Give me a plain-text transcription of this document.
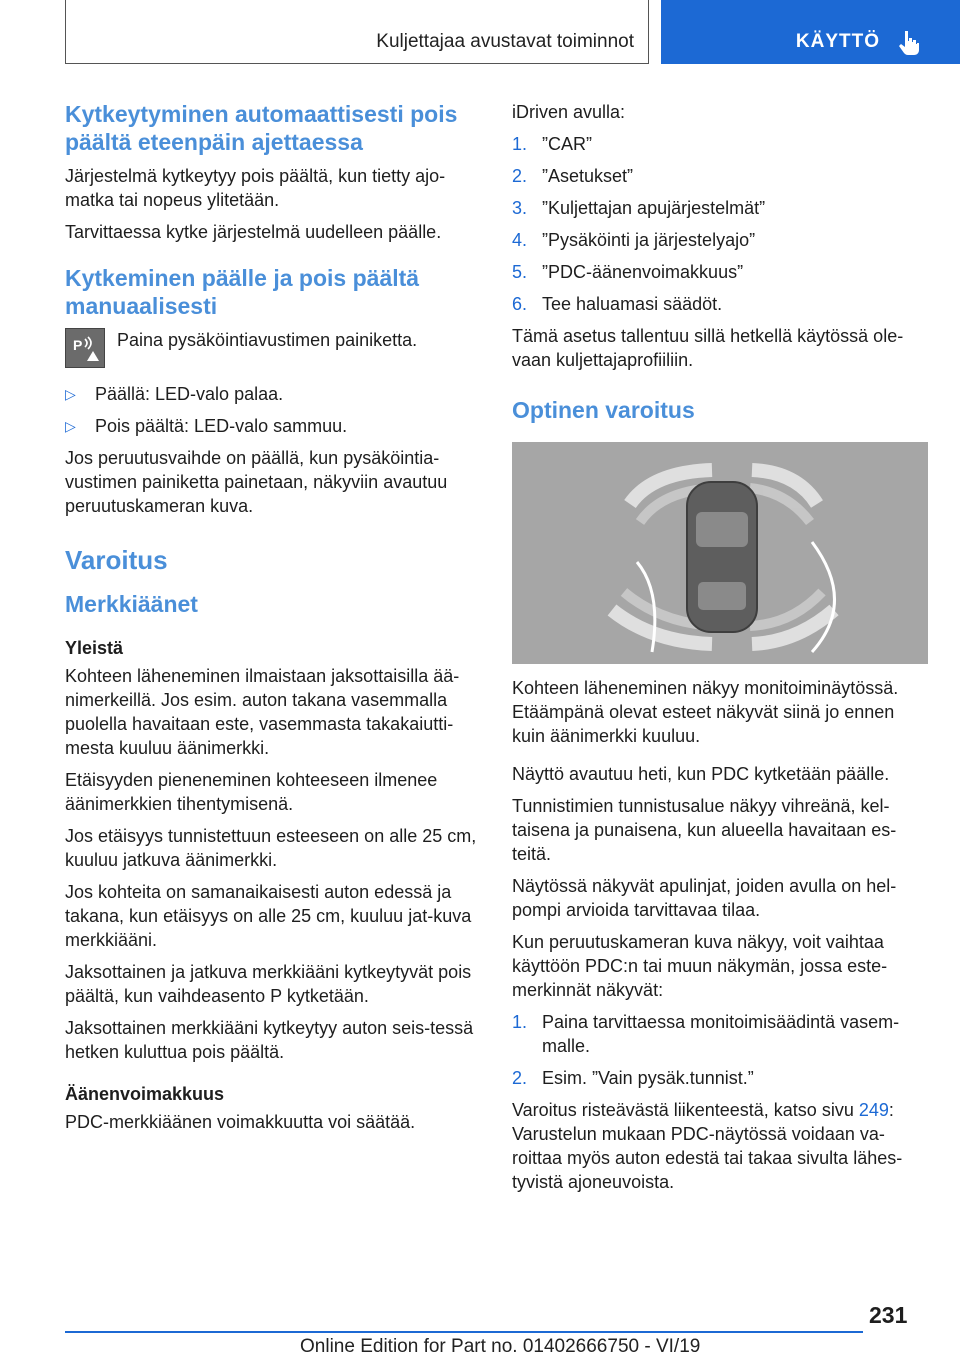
Kuljettajaa avustavat toiminnot	KÄYTTÖ
Kytkeytyminen automaattisesti pois päältä eteenpäin ajettaessa

Järjestelmä kytkeytyy pois päältä, kun tietty ajo-matka tai nopeus ylitetään.

Tarvittaessa kytke järjestelmä uudelleen päälle.

Kytkeminen päälle ja pois päältä manuaalisesti
P Paina pysäköintiavustimen painiketta.
▷	Päällä: LED-valo palaa.
▷	Pois päältä: LED-valo sammuu.

Jos peruutusvaihde on päällä, kun pysäköintia-vustimen painiketta painetaan, näkyviin avautuu peruutuskameran kuva.

Varoitus
Merkkiäänet
Yleistä

Kohteen läheneminen ilmaistaan jaksottaisilla ää-nimerkeillä. Jos esim. auton takana vasemmalla puolella havaitaan este, vasemmasta takakaiutti-mesta kuuluu äänimerkki.

Etäisyyden pieneneminen kohteeseen ilmenee äänimerkkien tihentymisenä.

Jos etäisyys tunnistettuun esteeseen on alle 25 cm, kuuluu jatkuva äänimerkki.

Jos kohteita on samanaikaisesti auton edessä ja takana, kun etäisyys on alle 25 cm, kuuluu jat-kuva merkkiääni.

Jaksottainen ja jatkuva merkkiääni kytkeytyvät pois päältä, kun vaihdeasento P kytketään.

Jaksottainen merkkiääni kytkeytyy auton seis-tessä hetken kuluttua pois päältä.

Äänenvoimakkuus

PDC-merkkiäänen voimakkuutta voi säätää.

iDriven avulla:

1. ”CAR”
2. ”Asetukset”
3. ”Kuljettajan apujärjestelmät”
4. ”Pysäköinti ja järjestelyajo”
5. ”PDC-äänenvoimakkuus”
6. Tee haluamasi säädöt.

Tämä asetus tallentuu sillä hetkellä käytössä ole-vaan kuljettajaprofiiliin.

Optinen varoitus

Kohteen läheneminen näkyy monitoiminäytössä. Etäämpänä olevat esteet näkyvät siinä jo ennen kuin äänimerkki kuuluu.

Näyttö avautuu heti, kun PDC kytketään päälle.

Tunnistimien tunnistusalue näkyy vihreänä, kel-taisena ja punaisena, kun alueella havaitaan es-teitä.

Näytössä näkyvät apulinjat, joiden avulla on hel-pompi arvioida tarvittavaa tilaa.

Kun peruutuskameran kuva näkyy, voit vaihtaa käyttöön PDC:n tai muun näkymän, jossa este-merkinnät näkyvät:

1. Paina tarvittaessa monitoimisäädintä vasem-malle.
2. Esim. ”Vain pysäk.tunnist.”

Varoitus risteävästä liikenteestä, katso sivu 249: Varustelun mukaan PDC-näytössä voidaan va-roittaa myös auton edestä tai takaa sivulta lähes-tyvistä ajoneuvoista.

231
Online Edition for Part no. 01402666750 - VI/19
